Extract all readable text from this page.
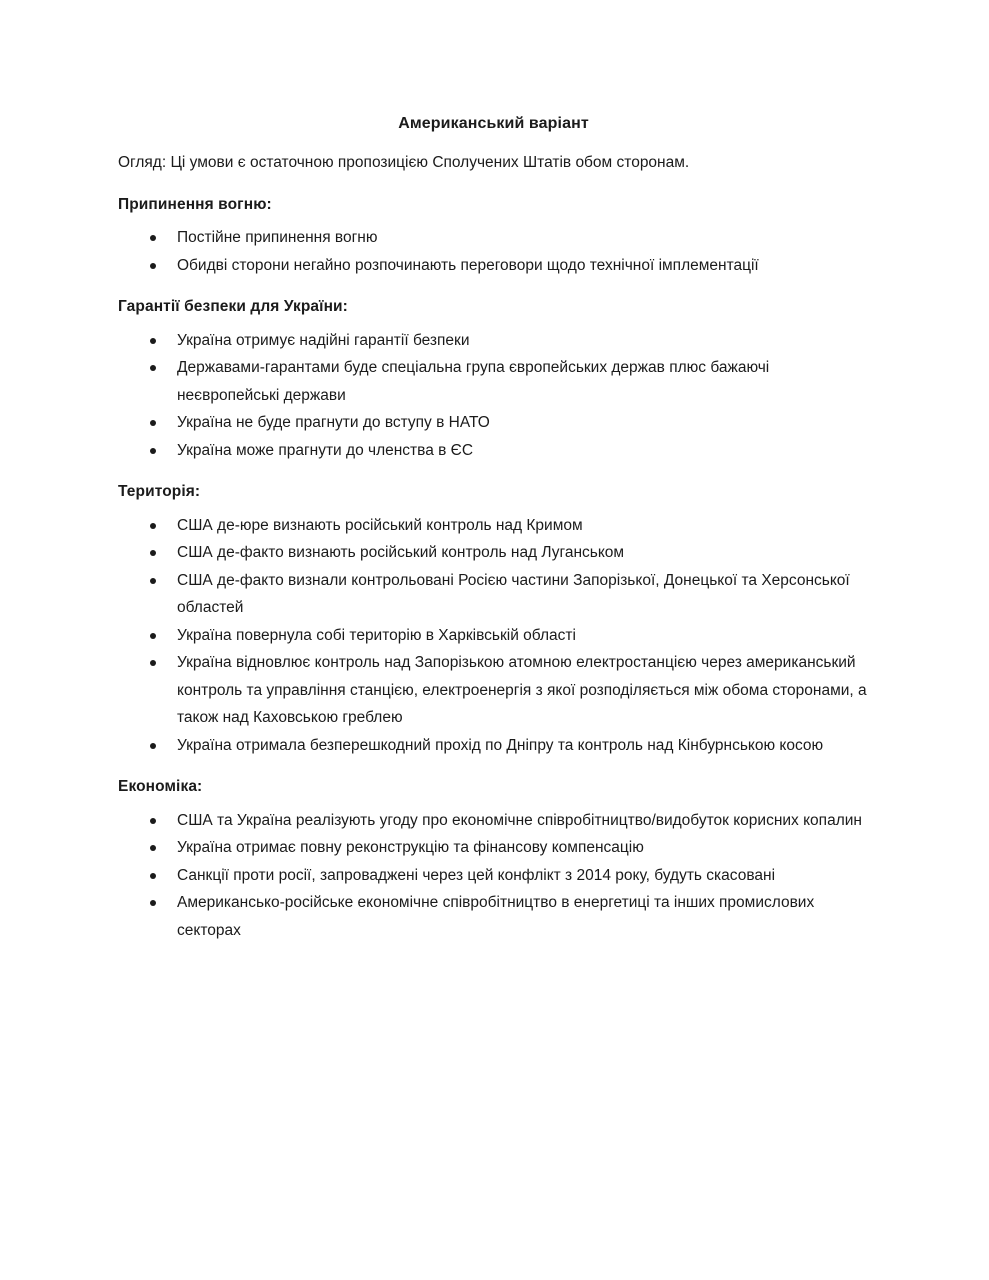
Американський варіант

Огляд: Ці умови є остаточною пропозицією Сполучених Штатів обом сторонам.

Припинення вогню:
Постійне припинення вогню
Обидві сторони негайно розпочинають переговори щодо технічної імплементації
Гарантії безпеки для України:
Україна отримує надійні гарантії безпеки
Державами-гарантами буде спеціальна група європейських держав плюс бажаючі неєвропейські держави
Україна не буде прагнути до вступу в НАТО
Україна може прагнути до членства в ЄС
Територія:
США де-юре визнають російський контроль над Кримом
США де-факто визнають російський контроль над Луганськом
США де-факто визнали контрольовані Росією частини Запорізької, Донецької та Херсонської областей
Україна повернула собі територію в Харківській області
Україна відновлює контроль над Запорізькою атомною електростанцією через американський контроль та управління станцією, електроенергія з якої розподіляється між обома сторонами, а також над Каховською греблею
Україна отримала безперешкодний прохід по Дніпру та контроль над Кінбурнською косою
Економіка:
США та Україна реалізують угоду про економічне співробітництво/видобуток корисних копалин
Україна отримає повну реконструкцію та фінансову компенсацію
Санкції проти росії, запроваджені через цей конфлікт з 2014 року, будуть скасовані
Американсько-російське економічне співробітництво в енергетиці та інших промислових секторах
